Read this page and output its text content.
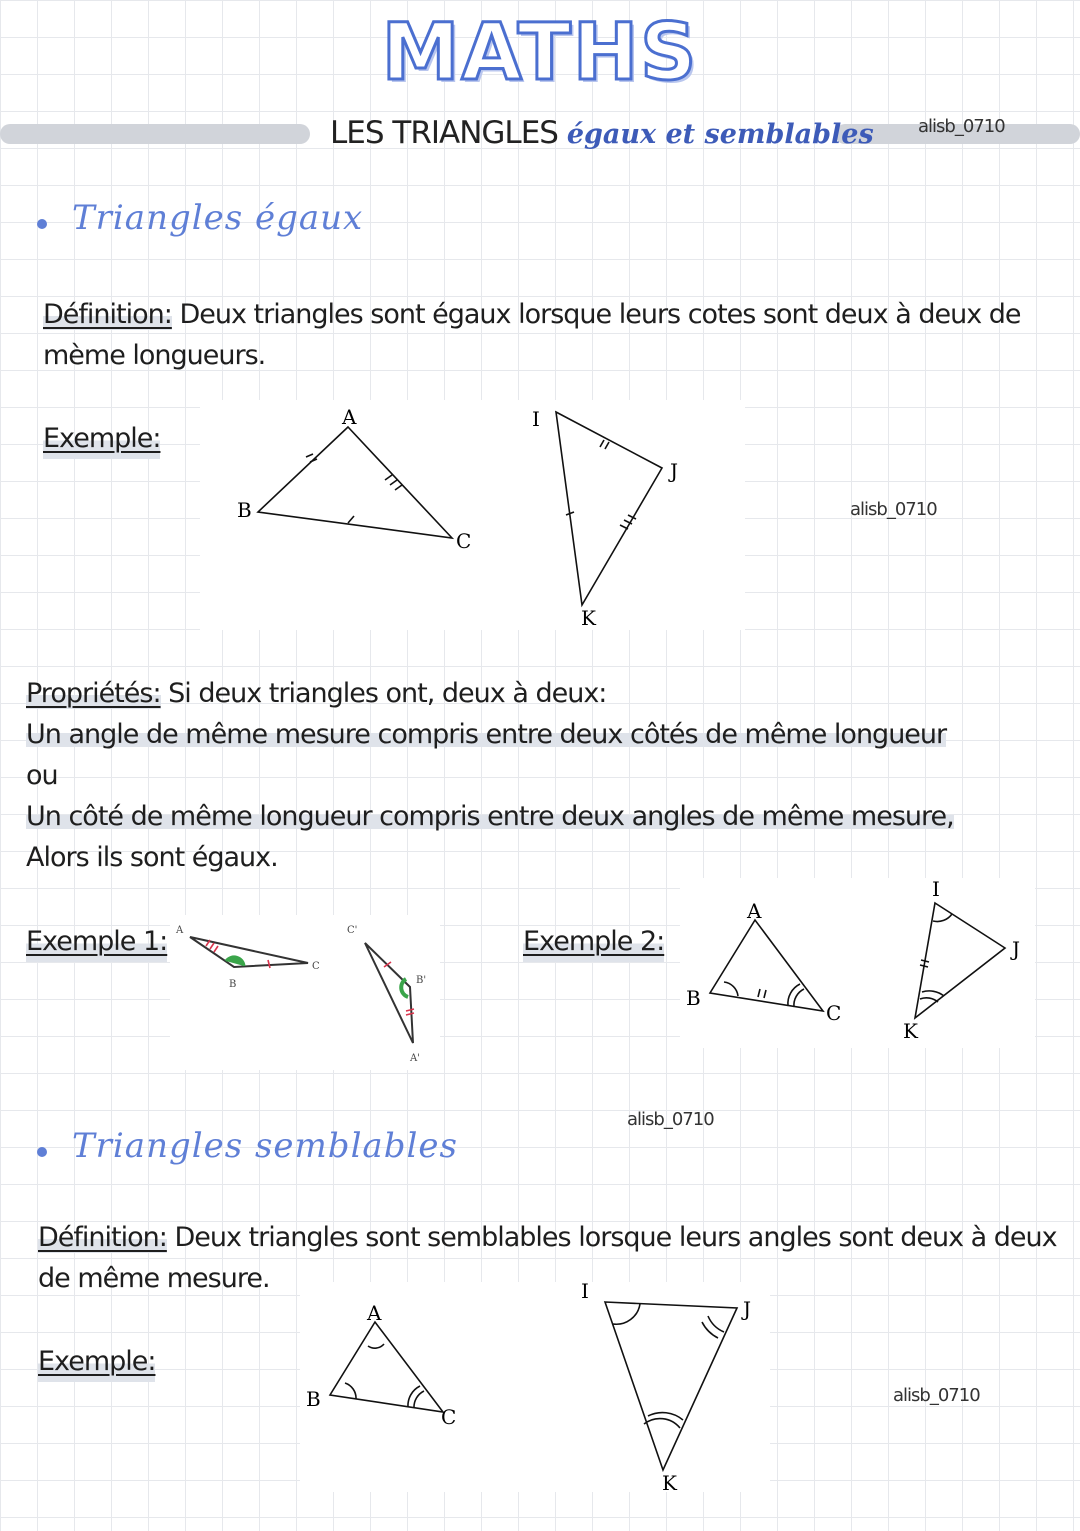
MATHS
LES TRIANGLES égaux et semblables alisb_0710
Triangles égaux
Définition: Deux triangles sont égaux lorsque leurs cotes sont deux à deux de
mème longueurs.
Exemple:
A
B
C
I
J
K
alisb_0710
Propriétés: Si deux triangles ont, deux à deux:
Un angle de même mesure compris entre deux côtés de même longueur
ou
Un côté de même longueur compris entre deux angles de même mesure,
Alors ils sont égaux.
Exemple 1: A
B
C
C'
B'
A'
Exemple 2:
A
B
C
I
J
K
alisb_0710
Triangles semblables
Définition: Deux triangles sont semblables lorsque leurs angles sont deux à deux
de même mesure.
Exemple:
A
B
C
I
J
K
alisb_0710
